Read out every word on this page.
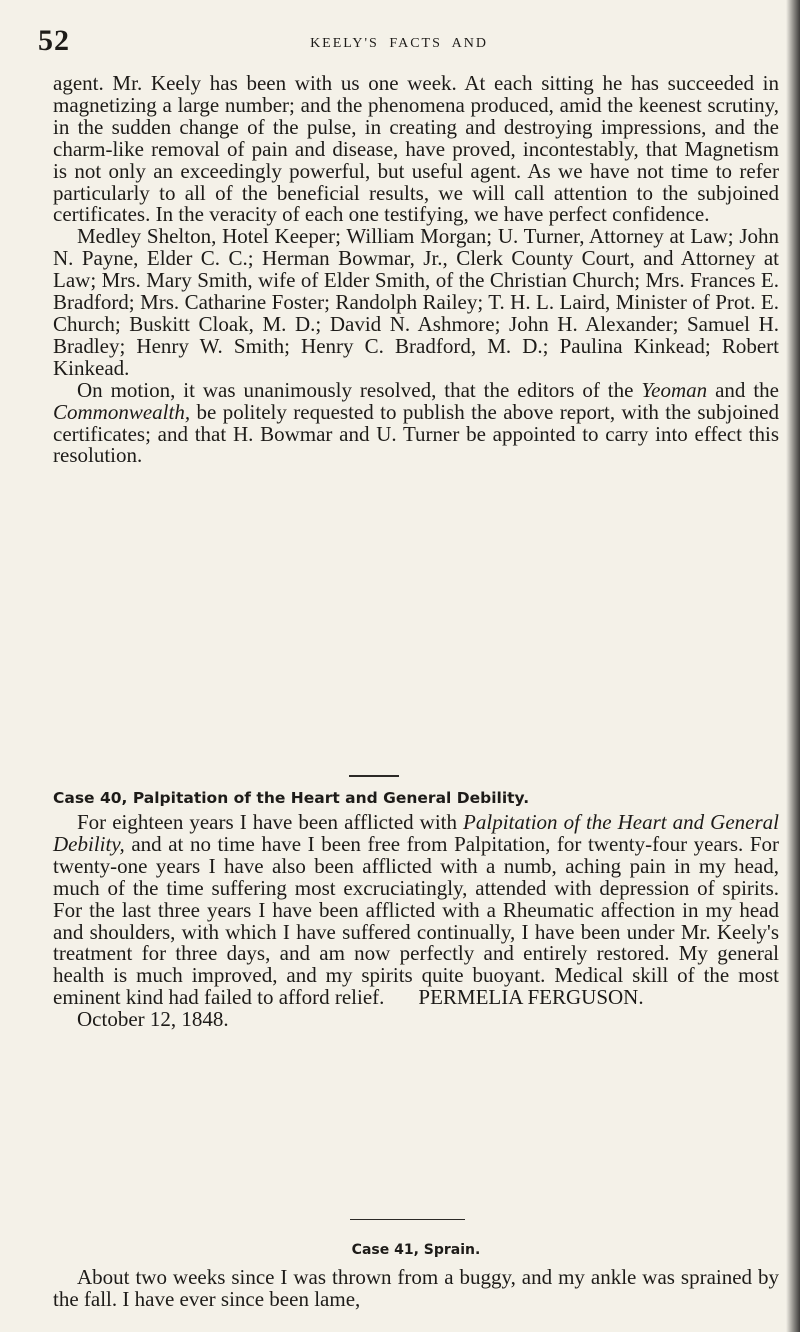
52	KEELY'S FACTS AND

agent. Mr. Keely has been with us one week. At each sitting he has succeeded in magnetizing a large number; and the phenomena produced, amid the keenest scrutiny, in the sudden change of the pulse, in creating and destroying impressions, and the charm-like removal of pain and disease, have proved, incontestably, that Magnetism is not only an exceedingly powerful, but useful agent. As we have not time to refer particularly to all of the beneficial results, we will call attention to the subjoined certificates. In the veracity of each one testifying, we have perfect confidence.

Medley Shelton, Hotel Keeper; William Morgan; U. Turner, Attorney at Law; John N. Payne, Elder C. C.; Herman Bowmar, Jr., Clerk County Court, and Attorney at Law; Mrs. Mary Smith, wife of Elder Smith, of the Christian Church; Mrs. Frances E. Bradford; Mrs. Catharine Foster; Randolph Railey; T. H. L. Laird, Minister of Prot. E. Church; Buskitt Cloak, M. D.; David N. Ashmore; John H. Alexander; Samuel H. Bradley; Henry W. Smith; Henry C. Bradford, M. D.; Paulina Kinkead; Robert Kinkead.

On motion, it was unanimously resolved, that the editors of the Yeoman and the Commonwealth, be politely requested to publish the above report, with the subjoined certificates; and that H. Bowmar and U. Turner be appointed to carry into effect this resolution.

Case 40, Palpitation of the Heart and General Debility.

For eighteen years I have been afflicted with Palpitation of the Heart and General Debility, and at no time have I been free from Palpitation, for twenty-four years. For twenty-one years I have also been afflicted with a numb, aching pain in my head, much of the time suffering most excruciatingly, attended with depression of spirits. For the last three years I have been afflicted with a Rheumatic affection in my head and shoulders, with which I have suffered continually, I have been under Mr. Keely's treatment for three days, and am now perfectly and entirely restored. My general health is much improved, and my spirits quite buoyant. Medical skill of the most eminent kind had failed to afford relief. PERMELIA FERGUSON.

October 12, 1848.

Case 41, Sprain.

About two weeks since I was thrown from a buggy, and my ankle was sprained by the fall. I have ever since been lame,
